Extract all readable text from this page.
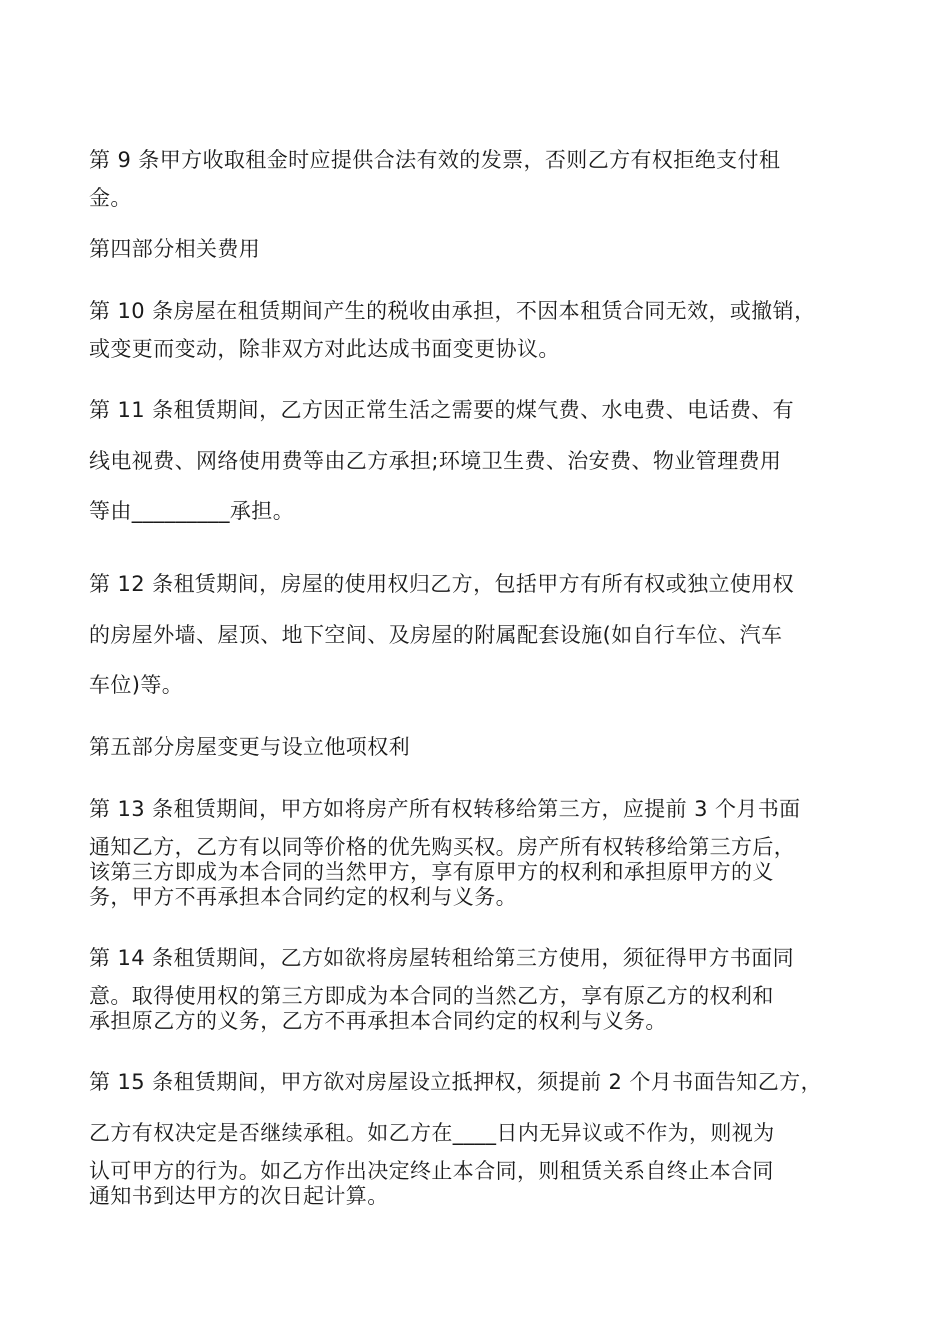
第 9 条甲方收取租金时应提供合法有效的发票，否则乙方有权拒绝支付租
金。
第四部分相关费用
第 10 条房屋在租赁期间产生的税收由承担，不因本租赁合同无效，或撤销，
或变更而变动，除非双方对此达成书面变更协议。
第 11 条租赁期间，乙方因正常生活之需要的煤气费、水电费、电话费、有
线电视费、网络使用费等由乙方承担;环境卫生费、治安费、物业管理费用
等由_________承担。
第 12 条租赁期间，房屋的使用权归乙方，包括甲方有所有权或独立使用权
的房屋外墙、屋顶、地下空间、及房屋的附属配套设施(如自行车位、汽车
车位)等。
第五部分房屋变更与设立他项权利
第 13 条租赁期间，甲方如将房产所有权转移给第三方，应提前 3 个月书面
通知乙方，乙方有以同等价格的优先购买权。房产所有权转移给第三方后，
该第三方即成为本合同的当然甲方，享有原甲方的权利和承担原甲方的义
务，甲方不再承担本合同约定的权利与义务。
第 14 条租赁期间，乙方如欲将房屋转租给第三方使用，须征得甲方书面同
意。取得使用权的第三方即成为本合同的当然乙方，享有原乙方的权利和
承担原乙方的义务，乙方不再承担本合同约定的权利与义务。
第 15 条租赁期间，甲方欲对房屋设立抵押权，须提前 2 个月书面告知乙方，
乙方有权决定是否继续承租。如乙方在____日内无异议或不作为，则视为
认可甲方的行为。如乙方作出决定终止本合同，则租赁关系自终止本合同
通知书到达甲方的次日起计算。
